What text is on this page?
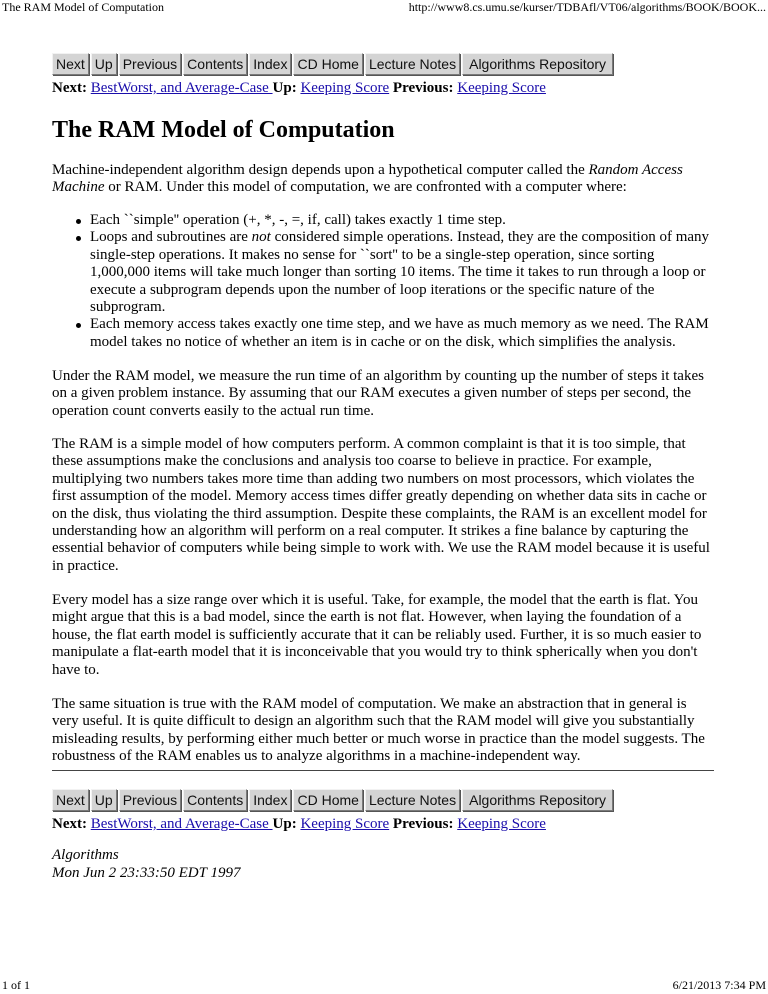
The RAM Model of Computation	http://www8.cs.umu.se/kurser/TDBAfl/VT06/algorithms/BOOK/BOOK...
Next Up Previous Contents Index CD Home Lecture Notes Algorithms Repository
Next: BestWorst, and Average-Case Up: Keeping Score Previous: Keeping Score
The RAM Model of Computation

Machine-independent algorithm design depends upon a hypothetical computer called the Random Access Machine or RAM. Under this model of computation, we are confronted with a computer where:

Each ``simple'' operation (+, *, -, =, if, call) takes exactly 1 time step.
Loops and subroutines are not considered simple operations. Instead, they are the composition of many single-step operations. It makes no sense for ``sort'' to be a single-step operation, since sorting 1,000,000 items will take much longer than sorting 10 items. The time it takes to run through a loop or execute a subprogram depends upon the number of loop iterations or the specific nature of the subprogram.
Each memory access takes exactly one time step, and we have as much memory as we need. The RAM model takes no notice of whether an item is in cache or on the disk, which simplifies the analysis.

Under the RAM model, we measure the run time of an algorithm by counting up the number of steps it takes on a given problem instance. By assuming that our RAM executes a given number of steps per second, the operation count converts easily to the actual run time.

The RAM is a simple model of how computers perform. A common complaint is that it is too simple, that these assumptions make the conclusions and analysis too coarse to believe in practice. For example, multiplying two numbers takes more time than adding two numbers on most processors, which violates the first assumption of the model. Memory access times differ greatly depending on whether data sits in cache or on the disk, thus violating the third assumption. Despite these complaints, the RAM is an excellent model for understanding how an algorithm will perform on a real computer. It strikes a fine balance by capturing the essential behavior of computers while being simple to work with. We use the RAM model because it is useful in practice.

Every model has a size range over which it is useful. Take, for example, the model that the earth is flat. You might argue that this is a bad model, since the earth is not flat. However, when laying the foundation of a house, the flat earth model is sufficiently accurate that it can be reliably used. Further, it is so much easier to manipulate a flat-earth model that it is inconceivable that you would try to think spherically when you don't have to.

The same situation is true with the RAM model of computation. We make an abstraction that in general is very useful. It is quite difficult to design an algorithm such that the RAM model will give you substantially misleading results, by performing either much better or much worse in practice than the model suggests. The robustness of the RAM enables us to analyze algorithms in a machine-independent way.

Next Up Previous Contents Index CD Home Lecture Notes Algorithms Repository
Next: BestWorst, and Average-Case Up: Keeping Score Previous: Keeping Score
Algorithms
Mon Jun 2 23:33:50 EDT 1997
1 of 1	6/21/2013 7:34 PM
